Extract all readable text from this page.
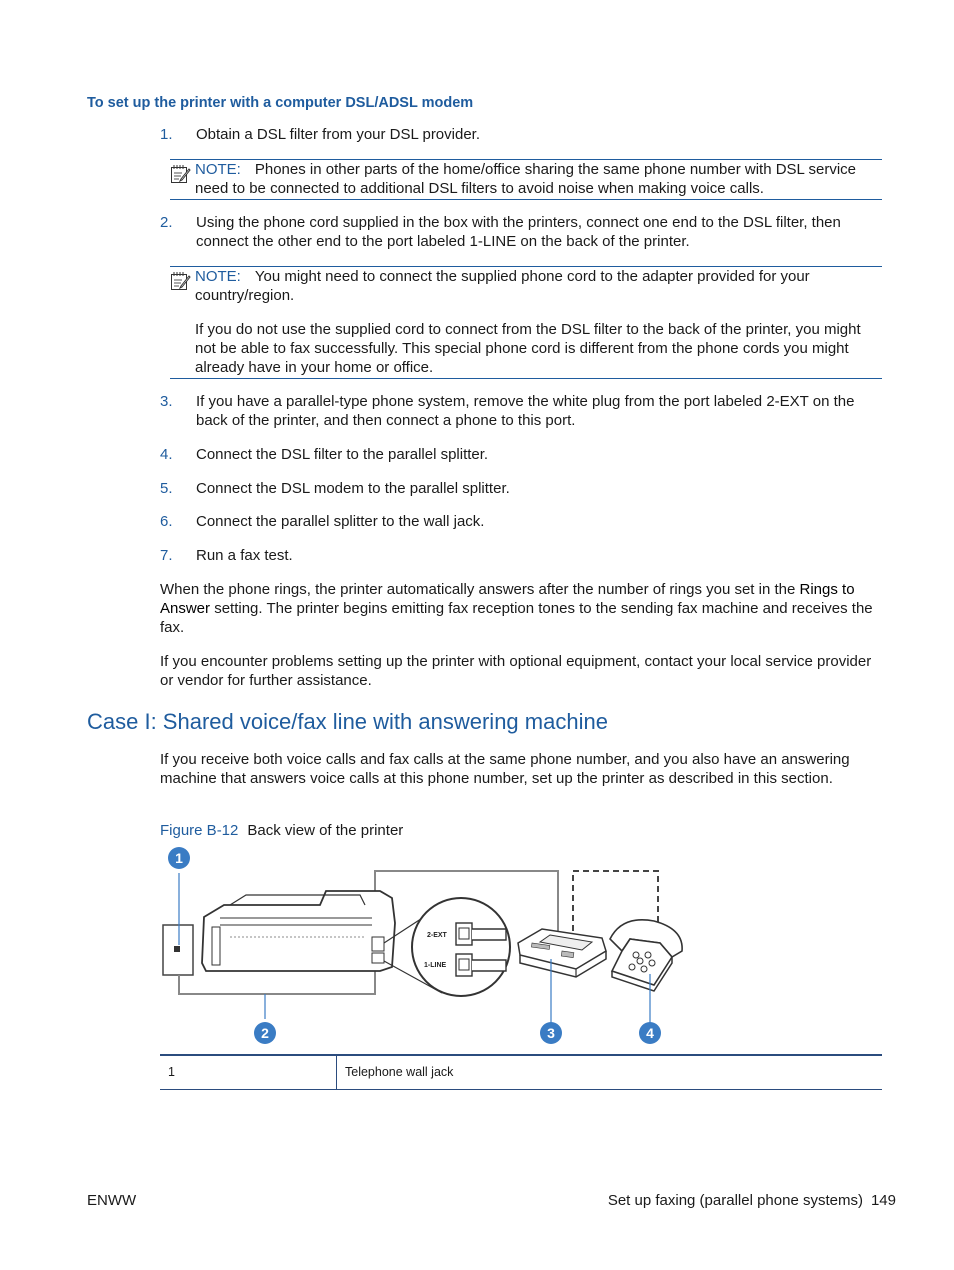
To set up the printer with a computer DSL/ADSL modem
1. Obtain a DSL filter from your DSL provider.
NOTE: Phones in other parts of the home/office sharing the same phone number with DSL service need to be connected to additional DSL filters to avoid noise when making voice calls.
2. Using the phone cord supplied in the box with the printers, connect one end to the DSL filter, then connect the other end to the port labeled 1-LINE on the back of the printer.
NOTE: You might need to connect the supplied phone cord to the adapter provided for your country/region.
If you do not use the supplied cord to connect from the DSL filter to the back of the printer, you might not be able to fax successfully. This special phone cord is different from the phone cords you might already have in your home or office.
3. If you have a parallel-type phone system, remove the white plug from the port labeled 2-EXT on the back of the printer, and then connect a phone to this port.
4. Connect the DSL filter to the parallel splitter.
5. Connect the DSL modem to the parallel splitter.
6. Connect the parallel splitter to the wall jack.
7. Run a fax test.
When the phone rings, the printer automatically answers after the number of rings you set in the Rings to Answer setting. The printer begins emitting fax reception tones to the sending fax machine and receives the fax.
If you encounter problems setting up the printer with optional equipment, contact your local service provider or vendor for further assistance.
Case I: Shared voice/fax line with answering machine
If you receive both voice calls and fax calls at the same phone number, and you also have an answering machine that answers voice calls at this phone number, set up the printer as described in this section.
Figure B-12 Back view of the printer
2-EXT
1-LINE
1
2	3	4
1	Telephone wall jack
ENWW	Set up faxing (parallel phone systems) 149
